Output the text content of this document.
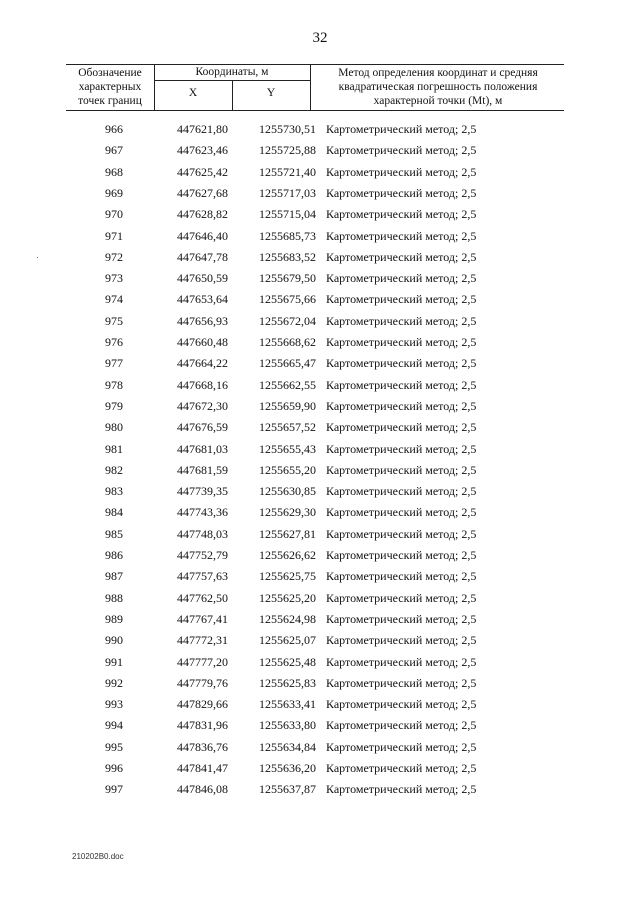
32
Обозначение характерных точек границ
Координаты, м
X	Y
Метод определения координат и средняя квадратическая погрешность положения характерной точки (Mt), м
966	447621,80	1255730,51 Картометрический метод; 2,5
967	447623,46	1255725,88 Картометрический метод; 2,5
968	447625,42	1255721,40 Картометрический метод; 2,5
969	447627,68	1255717,03 Картометрический метод; 2,5
970	447628,82	1255715,04 Картометрический метод; 2,5
971	447646,40	1255685,73 Картометрический метод; 2,5
972	447647,78	1255683,52 Картометрический метод; 2,5
973	447650,59	1255679,50 Картометрический метод; 2,5
974	447653,64	1255675,66 Картометрический метод; 2,5
975	447656,93	1255672,04 Картометрический метод; 2,5
976	447660,48	1255668,62 Картометрический метод; 2,5
977	447664,22	1255665,47 Картометрический метод; 2,5
978	447668,16	1255662,55 Картометрический метод; 2,5
979	447672,30	1255659,90 Картометрический метод; 2,5
980	447676,59	1255657,52 Картометрический метод; 2,5
981	447681,03	1255655,43 Картометрический метод; 2,5
982	447681,59	1255655,20 Картометрический метод; 2,5
983	447739,35	1255630,85 Картометрический метод; 2,5
984	447743,36	1255629,30 Картометрический метод; 2,5
985	447748,03	1255627,81 Картометрический метод; 2,5
986	447752,79	1255626,62 Картометрический метод; 2,5
987	447757,63	1255625,75 Картометрический метод; 2,5
988	447762,50	1255625,20 Картометрический метод; 2,5
989	447767,41	1255624,98 Картометрический метод; 2,5
990	447772,31	1255625,07 Картометрический метод; 2,5
991	447777,20	1255625,48 Картометрический метод; 2,5
992	447779,76	1255625,83 Картометрический метод; 2,5
993	447829,66	1255633,41 Картометрический метод; 2,5
994	447831,96	1255633,80 Картометрический метод; 2,5
995	447836,76	1255634,84 Картометрический метод; 2,5
996	447841,47	1255636,20 Картометрический метод; 2,5
997	447846,08	1255637,87 Картометрический метод; 2,5
210202В0.doc
